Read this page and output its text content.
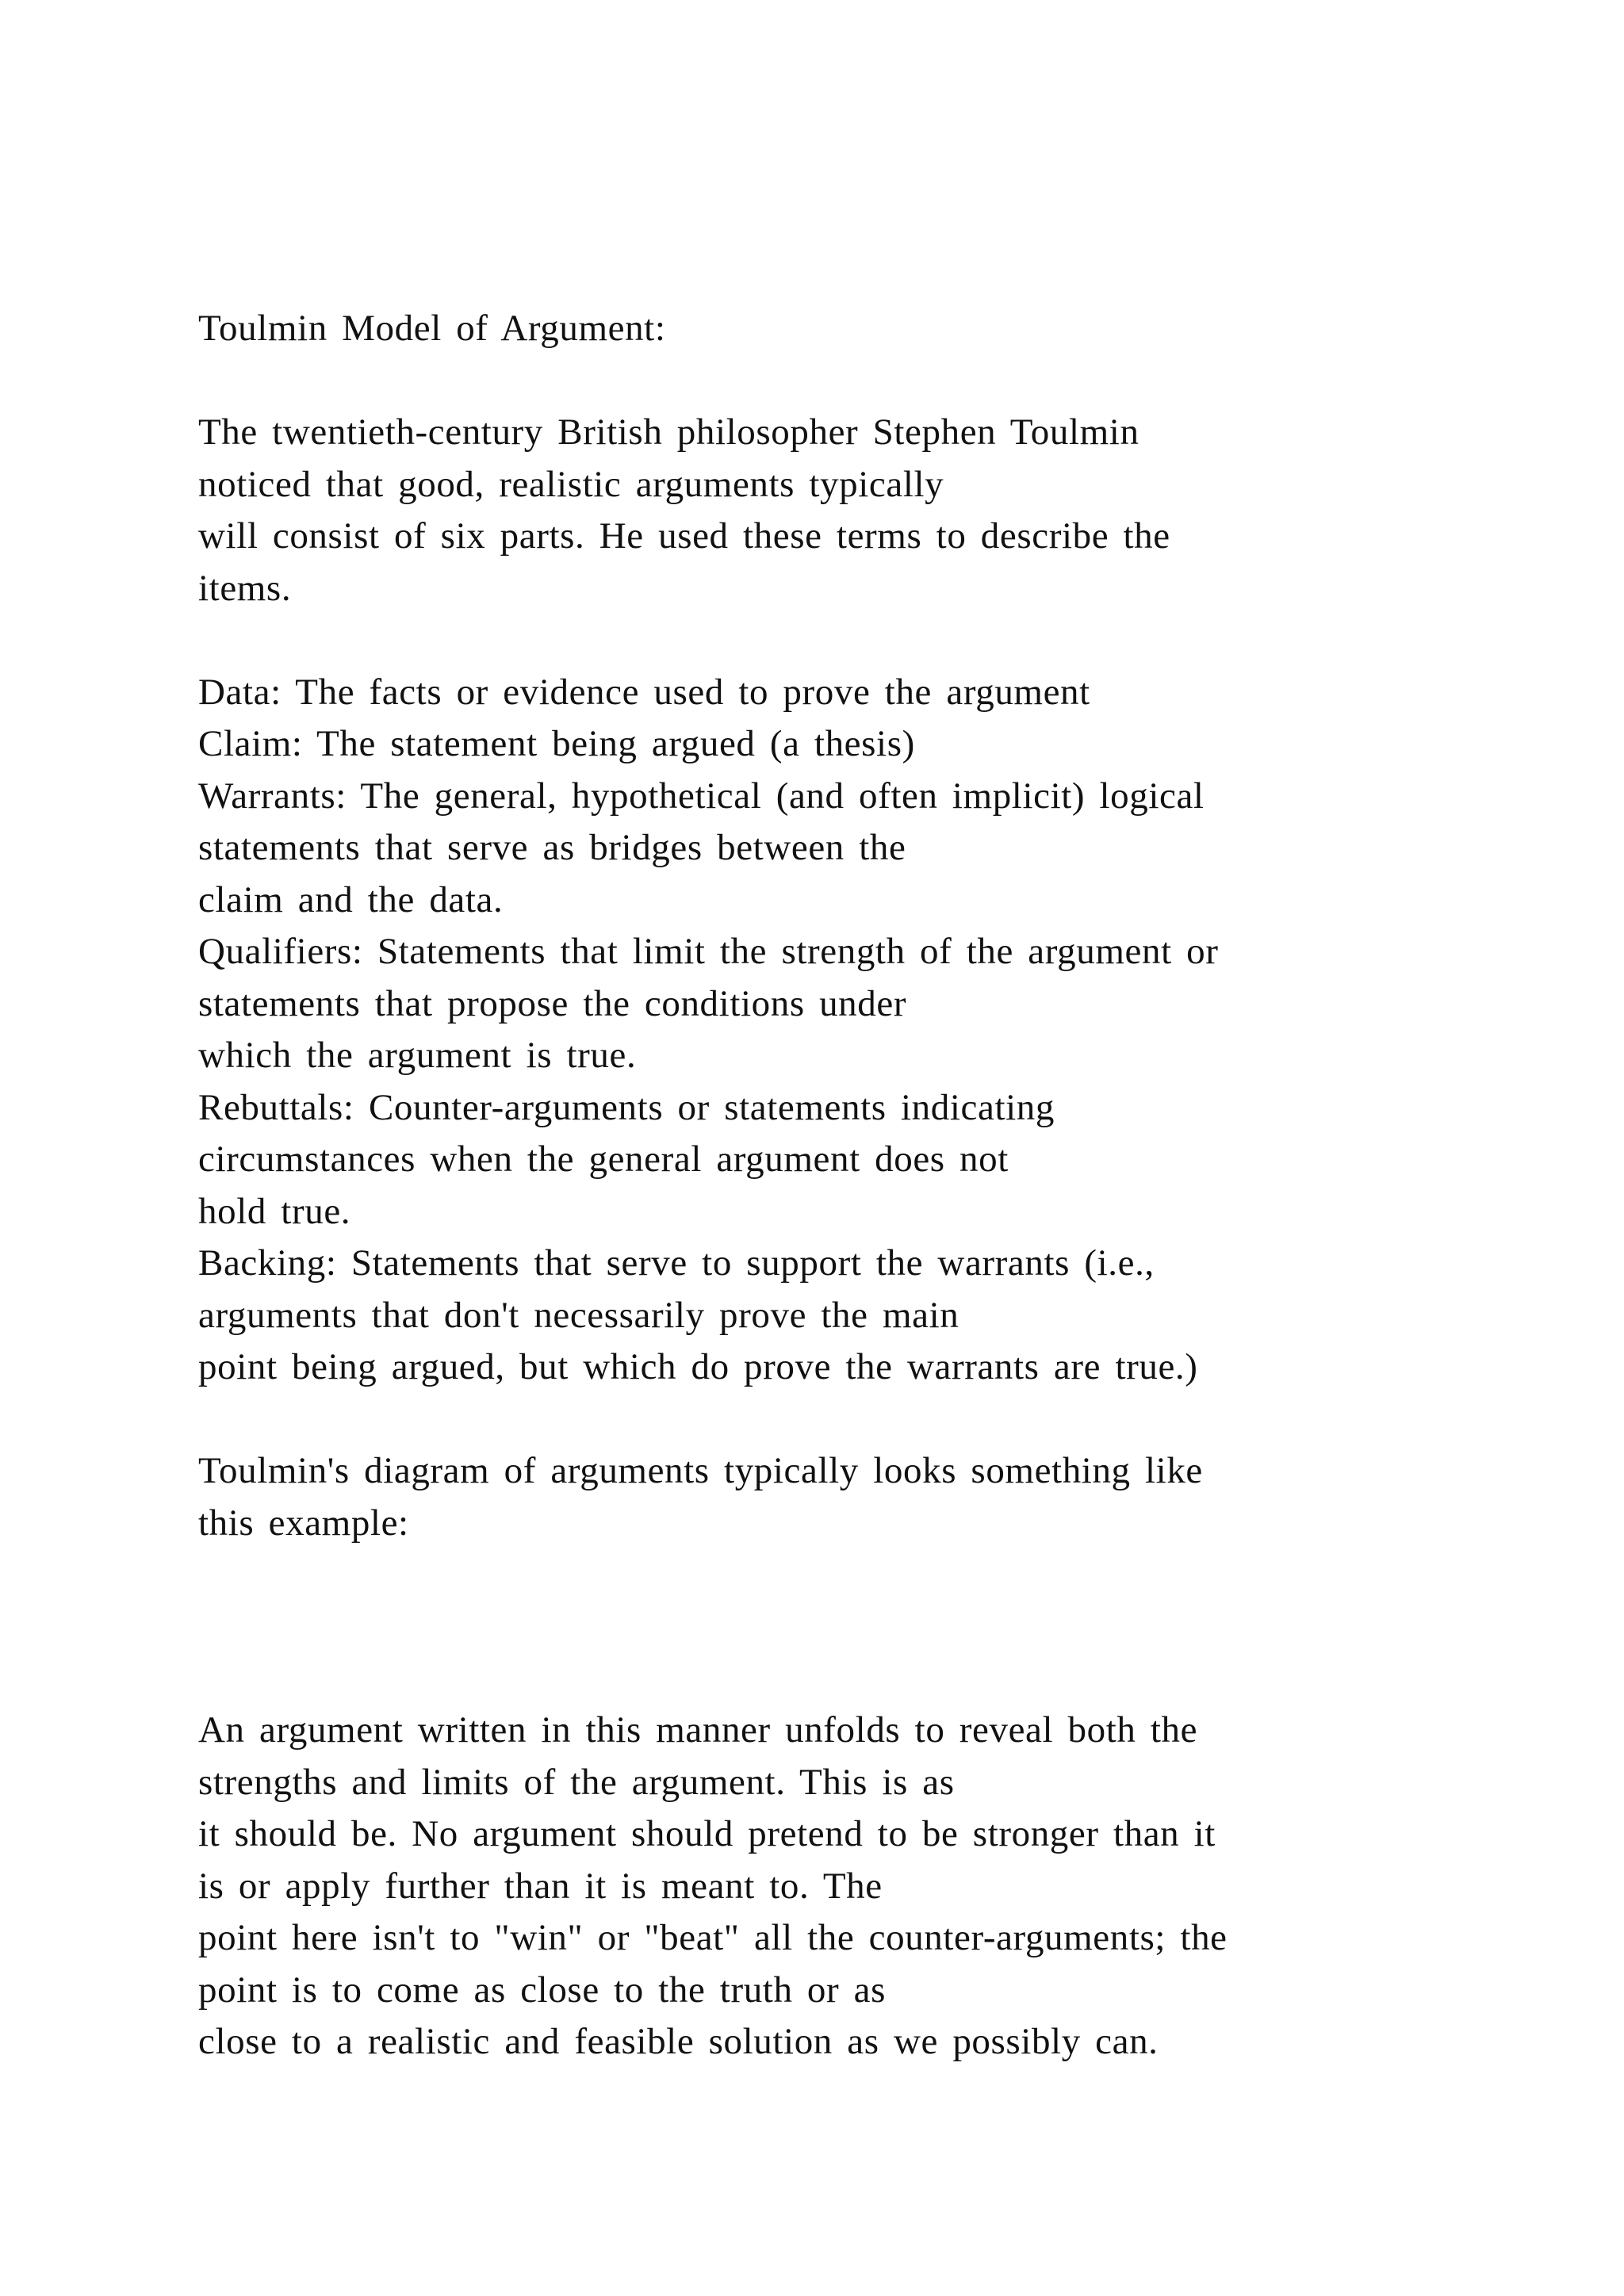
Toulmin Model of Argument:
The twentieth-century British philosopher Stephen Toulmin
noticed that good, realistic arguments typically
will consist of six parts. He used these terms to describe the
items.
Data: The facts or evidence used to prove the argument
Claim: The statement being argued (a thesis)
Warrants: The general, hypothetical (and often implicit) logical
statements that serve as bridges between the
claim and the data.
Qualifiers: Statements that limit the strength of the argument or
statements that propose the conditions under
which the argument is true.
Rebuttals: Counter-arguments or statements indicating
circumstances when the general argument does not
hold true.
Backing: Statements that serve to support the warrants (i.e.,
arguments that don't necessarily prove the main
point being argued, but which do prove the warrants are true.)
Toulmin's diagram of arguments typically looks something like
this example:
An argument written in this manner unfolds to reveal both the
strengths and limits of the argument. This is as
it should be. No argument should pretend to be stronger than it
is or apply further than it is meant to. The
point here isn't to "win" or "beat" all the counter-arguments; the
point is to come as close to the truth or as
close to a realistic and feasible solution as we possibly can.
